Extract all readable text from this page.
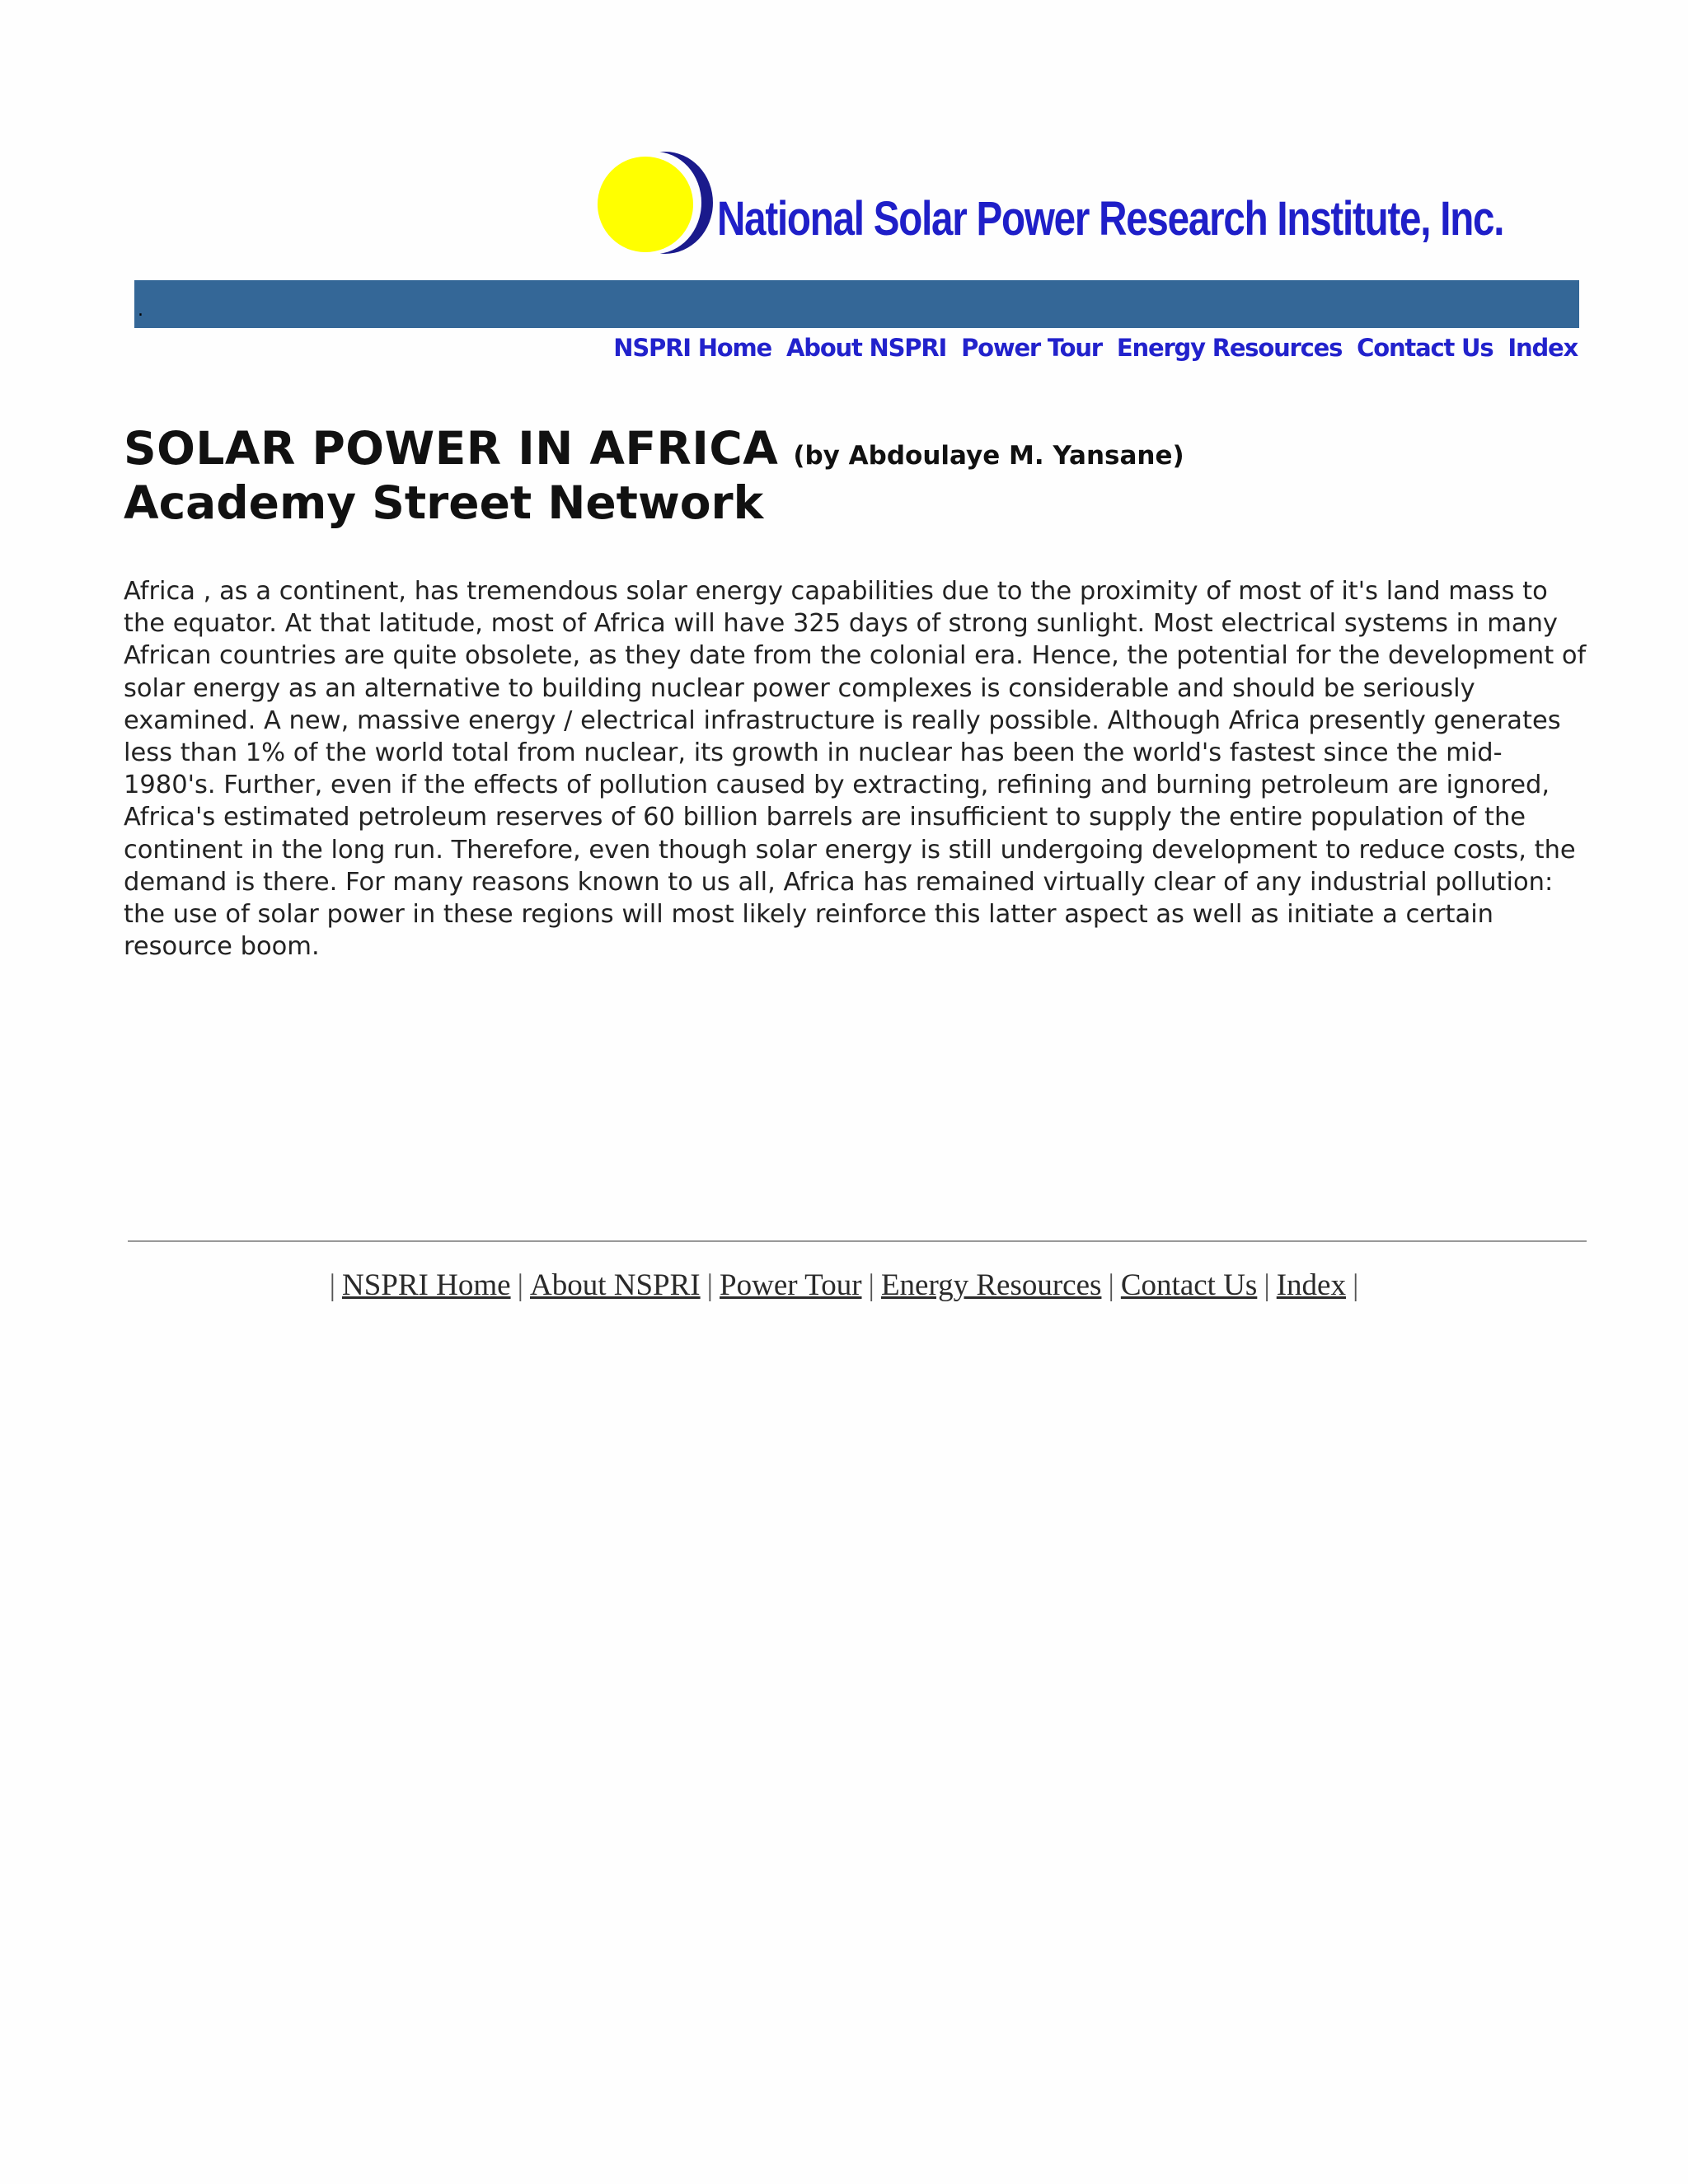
National Solar Power Research Institute, Inc.
.
NSPRI Home About NSPRI Power Tour Energy Resources Contact Us Index
SOLAR POWER IN AFRICA (by Abdoulaye M. Yansane)
Academy Street Network

Africa , as a continent, has tremendous solar energy capabilities due to the proximity of most of it's land mass to the equator. At that latitude, most of Africa will have 325 days of strong sunlight. Most electrical systems in many African countries are quite obsolete, as they date from the colonial era. Hence, the potential for the development of solar energy as an alternative to building nuclear power complexes is considerable and should be seriously examined. A new, massive energy / electrical infrastructure is really possible. Although Africa presently generates less than 1% of the world total from nuclear, its growth in nuclear has been the world's fastest since the mid-1980's. Further, even if the effects of pollution caused by extracting, refining and burning petroleum are ignored, Africa's estimated petroleum reserves of 60 billion barrels are insufficient to supply the entire population of the continent in the long run. Therefore, even though solar energy is still undergoing development to reduce costs, the demand is there. For many reasons known to us all, Africa has remained virtually clear of any industrial pollution: the use of solar power in these regions will most likely reinforce this latter aspect as well as initiate a certain resource boom.

| NSPRI Home | About NSPRI | Power Tour | Energy Resources | Contact Us | Index |
